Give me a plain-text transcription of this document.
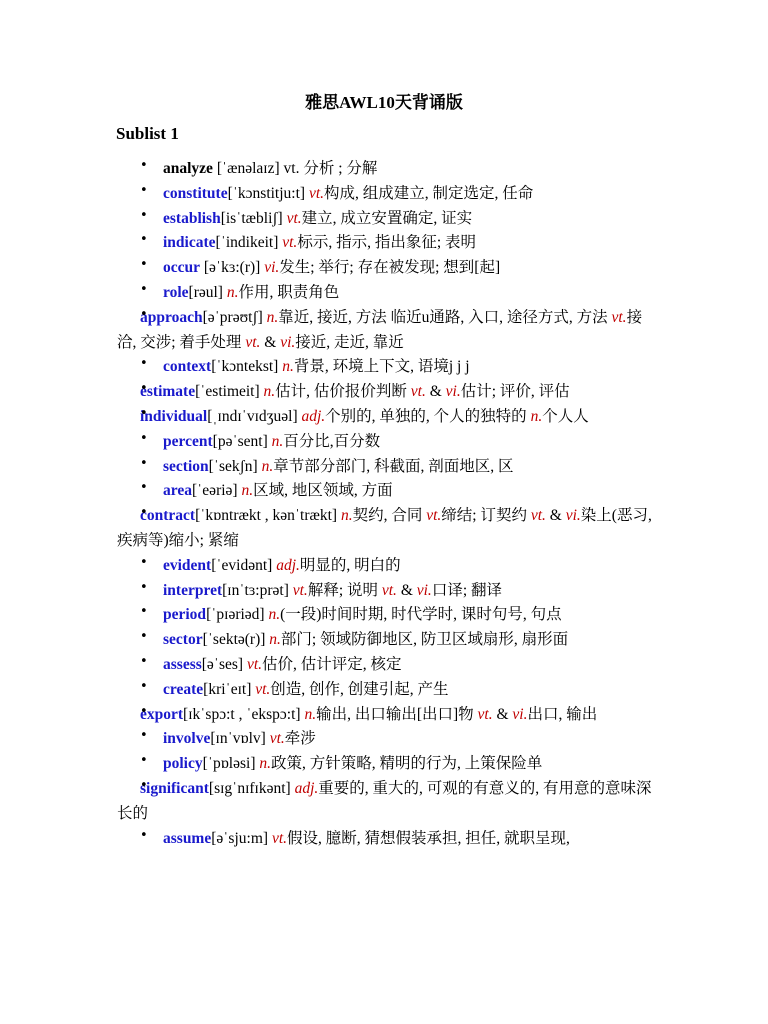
雅思AWL10天背诵版
Sublist 1
• analyze [ˈænəlaɪz] vt. 分析 ; 分解
• constitute[ˈkɔnstitju:t] vt.构成, 组成建立, 制定选定, 任命
• establish[isˈtæbliʃ] vt.建立, 成立安置确定, 证实
• indicate[ˈindikeit] vt.标示, 指示, 指出象征; 表明
• occur [əˈkɜ:(r)] vi.发生; 举行; 存在被发现; 想到[起]
• role[rəul] n.作用, 职责角色
• approach[əˈprəʊtʃ] n.靠近, 接近, 方法 临近u通路, 入口, 途径方式, 方法 vt.接洽, 交涉; 着手处理 vt. & vi.接近, 走近, 靠近
• context[ˈkɔntekst] n.背景, 环境上下文, 语境j j j
• estimate[ˈestimeit] n.估计, 估价报价判断 vt. & vi.估计; 评价, 评估
• individual[ˌɪndɪˈvɪdʒuəl] adj.个别的, 单独的, 个人的独特的 n.个人人
• percent[pəˈsent] n.百分比,百分数
• section[ˈsekʃn] n.章节部分部门, 科截面, 剖面地区, 区
• area[ˈeəriə] n.区域, 地区领域, 方面
• contract[ˈkɒntrækt , kənˈtrækt] n.契约, 合同 vt.缔结; 订契约 vt. & vi.染上(恶习, 疾病等)缩小; 紧缩
• evident[ˈevidənt] adj.明显的, 明白的
• interpret[ɪnˈtɜ:prət] vt.解释; 说明 vt. & vi.口译; 翻译
• period[ˈpɪəriəd] n.(一段)时间时期, 时代学时, 课时句号, 句点
• sector[ˈsektə(r)] n.部门; 领域防御地区, 防卫区域扇形, 扇形面
• assess[əˈses] vt.估价, 估计评定, 核定
• create[kriˈeɪt] vt.创造, 创作, 创建引起, 产生
• export[ɪkˈspɔ:t , ˈekspɔ:t] n.输出, 出口输出[出口]物 vt. & vi.出口, 输出
• involve[ɪnˈvɒlv] vt.牵涉
• policy[ˈpɒləsi] n.政策, 方针策略, 精明的行为, 上策保险单
• significant[sɪgˈnɪfɪkənt] adj.重要的, 重大的, 可观的有意义的, 有用意的意味深长的
• assume[əˈsju:m] vt.假设, 臆断, 猜想假装承担, 担任, 就职呈现,
